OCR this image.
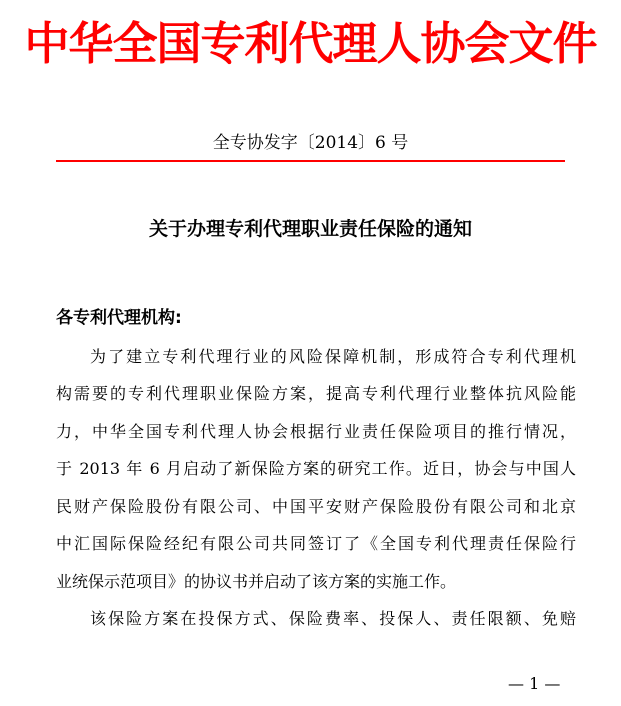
中华全国专利代理人协会文件
全专协发字〔2014〕6 号
关于办理专利代理职业责任保险的通知
各专利代理机构:
为了建立专利代理行业的风险保障机制，形成符合专利代理机
构需要的专利代理职业保险方案，提高专利代理行业整体抗风险能
力，中华全国专利代理人协会根据行业责任保险项目的推行情况，
于 2013 年 6 月启动了新保险方案的研究工作。近日，协会与中国人
民财产保险股份有限公司、中国平安财产保险股份有限公司和北京
中汇国际保险经纪有限公司共同签订了《全国专利代理责任保险行
业统保示范项目》的协议书并启动了该方案的实施工作。
该保险方案在投保方式、保险费率、投保人、责任限额、免赔
— 1 —
